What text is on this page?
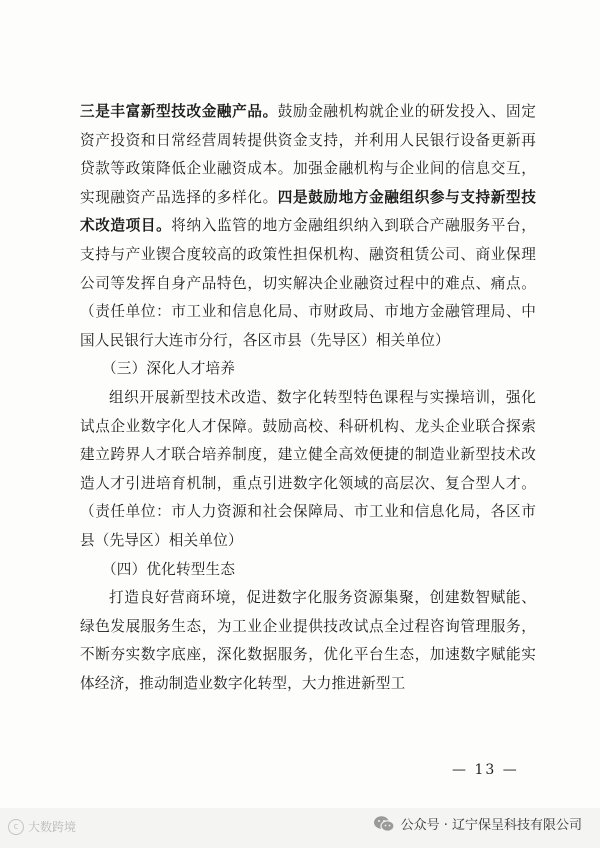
三是丰富新型技改金融产品。鼓励金融机构就企业的研发投入、固定资产投资和日常经营周转提供资金支持，并利用人民银行设备更新再贷款等政策降低企业融资成本。加强金融机构与企业间的信息交互，实现融资产品选择的多样化。四是鼓励地方金融组织参与支持新型技术改造项目。将纳入监管的地方金融组织纳入到联合产融服务平台，支持与产业锲合度较高的政策性担保机构、融资租赁公司、商业保理公司等发挥自身产品特色，切实解决企业融资过程中的难点、痛点。（责任单位：市工业和信息化局、市财政局、市地方金融管理局、中国人民银行大连市分行，各区市县（先导区）相关单位）

（三）深化人才培养

组织开展新型技术改造、数字化转型特色课程与实操培训，强化试点企业数字化人才保障。鼓励高校、科研机构、龙头企业联合探索建立跨界人才联合培养制度，建立健全高效便捷的制造业新型技术改造人才引进培育机制，重点引进数字化领域的高层次、复合型人才。（责任单位：市人力资源和社会保障局、市工业和信息化局，各区市县（先导区）相关单位）

（四）优化转型生态

打造良好营商环境，促进数字化服务资源集聚，创建数智赋能、绿色发展服务生态，为工业企业提供技改试点全过程咨询管理服务，不断夯实数字底座，深化数据服务，优化平台生态，加速数字赋能实体经济，推动制造业数字化转型，大力推进新型工

— 13 —
c 大数跨境	公众号 · 辽宁保呈科技有限公司
